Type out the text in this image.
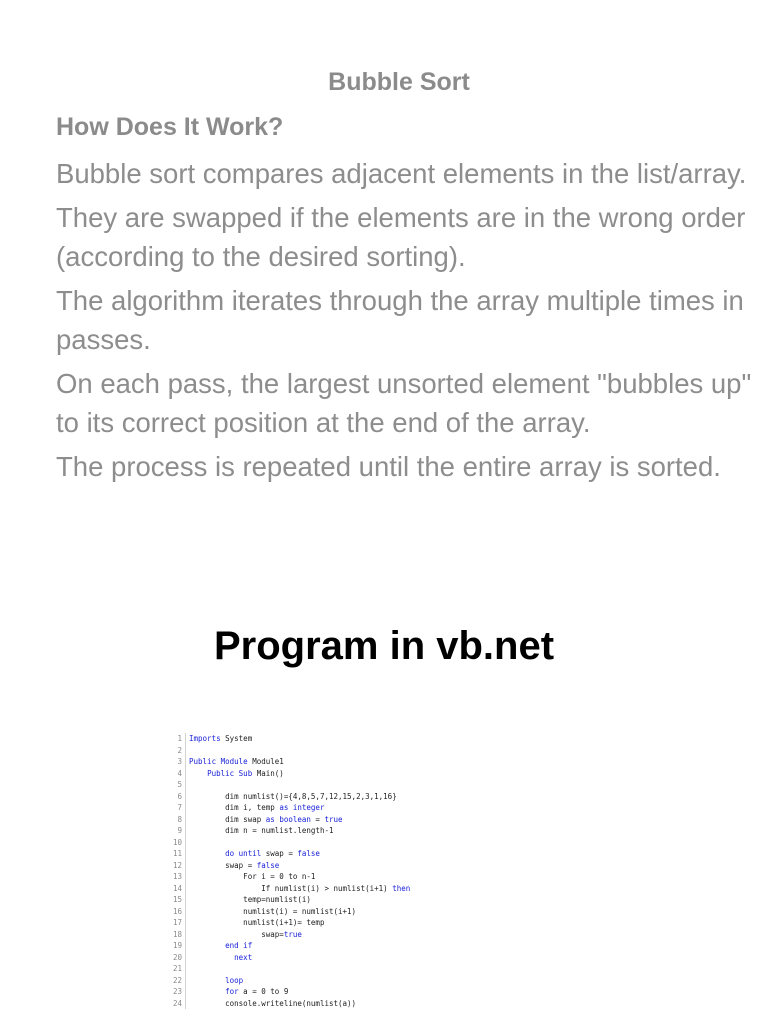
Bubble Sort
How Does It Work?
Bubble sort compares adjacent elements in the list/array.
They are swapped if the elements are in the wrong order (according to the desired sorting).
The algorithm iterates through the array multiple times in passes.
On each pass, the largest unsorted element "bubbles up" to its correct position at the end of the array.
The process is repeated until the entire array is sorted.
Program in vb.net
1 Imports System
2
3 Public Module Module1
4	Public Sub Main()
5
6 dim numlist()={4,8,5,7,12,15,2,3,1,16}
7 dim i, temp as integer
8 dim swap as boolean = true
9 dim n = numlist.length-1
10
11	do until swap = false
12 swap = false
13 For i = 0 to n-1
14 If numlist(i) > numlist(i+1) then
15 temp=numlist(i)
16 numlist(i) = numlist(i+1)
17 numlist(i+1)= temp
18 swap=true
19	end if
20	next
21
22	loop
23	for a = 0 to 9
24 console.writeline(numlist(a))
